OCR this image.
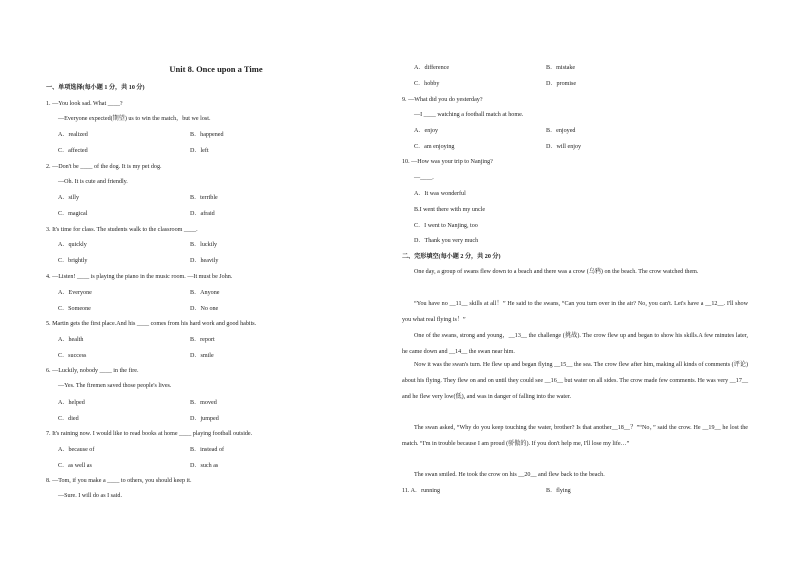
Unit 8. Once upon a Time
一、单项选择(每小题 1 分，共 10 分)
1. —You look sad. What ____?
—Everyone expected(期望) us to win the match，but we lost.
A．realized	B．happened
C．affected	D．left
2. —Don't be ____ of the dog. It is my pet dog.
—Oh. It is cute and friendly.
A．silly	B．terrible
C．magical	D．afraid
3. It's time for class. The students walk to the classroom ____.
A．quickly	B．luckily
C．brightly	D．heavily
4. —Listen! ____ is playing the piano in the music room. —It must be John.
A．Everyone	B．Anyone
C．Someone	D．No one
5. Martin gets the first place.And his ____ comes from his hard work and good habits.
A．health	B．report
C．success	D．smile
6. —Luckily, nobody ____ in the fire.
—Yes. The firemen saved those people's lives.
A．helped	B．moved
C．died	D．jumped
7. It's raining now. I would like to read books at home ____ playing football outside.
A．because of	B．instead of
C．as well as	D．such as
8. —Tom, if you make a ____ to others, you should keep it.
—Sure. I will do as I said.
A．difference	B．mistake
C．hobby	D．promise
9. —What did you do yesterday?
—I ____ watching a football match at home.
A．enjoy	B．enjoyed
C．am enjoying	D．will enjoy
10. —How was your trip to Nanjing?
—____.
A．It was wonderful
B.I went there with my uncle
C．I went to Nanjing, too
D．Thank you very much
二、完形填空(每小题 2 分，共 20 分)
One day, a group of swans flew down to a beach and there was a crow (乌鸦) on the beach. The crow watched them.
“You have no __11__ skills at all！” He said to the swans, “Can you turn over in the air? No, you can't. Let's have a __12__. I'll show you what real flying is！”
One of the swans, strong and young，__13__ the challenge (挑战). The crow flew up and began to show his skills.A few minutes later, he came down and __14__ the swan near him.
Now it was the swan's turn. He flew up and began flying __15__ the sea. The crow flew after him, making all kinds of comments (评论) about his flying. They flew on and on until they could see __16__ but water on all sides. The crow made few comments. He was very __17__ and he flew very low(低), and was in danger of falling into the water.
The swan asked, “Why do you keep touching the water, brother? Is that another__18__？”“No，” said the crow. He __19__ he lost the match. “I'm in trouble because I am proud (骄傲的). If you don't help me, I'll lose my life…”
The swan smiled. He took the crow on his __20__ and flew back to the beach.
11. A．running	B．flying
